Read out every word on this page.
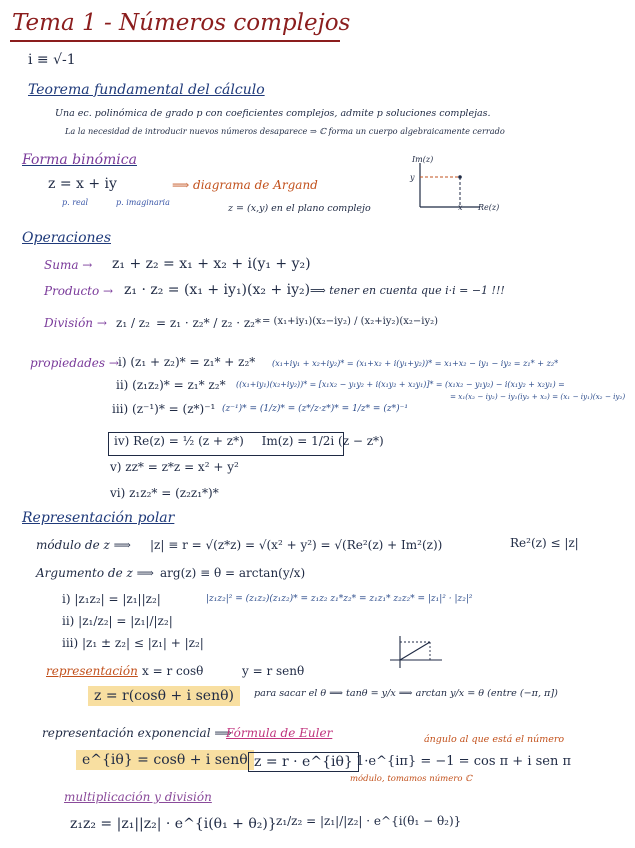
Tema 1 - Números complejos
i ≡ √-1
Teorema fundamental del cálculo
Una ec. polinómica de grado p con coeficientes complejos, admite p soluciones complejas.
La la necesidad de introducir nuevos números desaparece ⇒ ℂ forma un cuerpo algebraicamente cerrado
Forma binómica
z = x + iy
p. real	p. imaginaria
⟹ diagrama de Argand
z = (x,y) en el plano complejo
Im(z)
Re(z)
y
x
Operaciones
Suma → z₁ + z₂ = x₁ + x₂ + i(y₁ + y₂)
Producto → z₁ · z₂ = (x₁ + iy₁)(x₂ + iy₂) ⟹ tener en cuenta que i·i = −1 !!!
División → z₁ / z₂ = z₁ · z₂* / z₂ · z₂* = (x₁+iy₁)(x₂−iy₂) / (x₂+iy₂)(x₂−iy₂)
propiedades → i) (z₁ + z₂)* = z₁* + z₂* (x₁+iy₁ + x₂+iy₂)* = (x₁+x₂ + i(y₁+y₂))* = x₁+x₂ − iy₁ − iy₂ = z₁* + z₂*
ii) (z₁z₂)* = z₁* z₂* ((x₁+iy₁)(x₂+iy₂))* = [x₁x₂ − y₁y₂ + i(x₁y₂ + x₂y₁)]* = (x₁x₂ − y₁y₂) − i(x₁y₂ + x₂y₁) =
iii) (z⁻¹)* = (z*)⁻¹ (z⁻¹)* = (1/z)* = (z*/z·z*)* = 1/z* = (z*)⁻¹
= x₁(x₂ − iy₂) − iy₁(iy₂ + x₂) = (x₁ − iy₁)(x₂ − iy₂)
iv) Re(z) = ½ (z + z*) Im(z) = 1/2i (z − z*)
v) zz* = z*z = x² + y²
vi) z₁z₂* = (z₂z₁*)*
Representación polar
módulo de z ⟹ |z| ≡ r = √(z*z) = √(x² + y²) = √(Re²(z) + Im²(z))	Re²(z) ≤ |z|
Argumento de z ⟹ arg(z) ≡ θ = arctan(y/x)
i) |z₁z₂| = |z₁||z₂|	|z₁z₂|² = (z₁z₂)(z₁z₂)* = z₁z₂ z₁*z₂* = z₁z₁* z₂z₂* = |z₁|² · |z₂|²
ii) |z₁/z₂| = |z₁|/|z₂|
iii) |z₁ ± z₂| ≤ |z₁| + |z₂|
representación x = r cosθ	y = r senθ
z = r(cosθ + i senθ)	para sacar el θ ⟹ tanθ = y/x ⟹ arctan y/x = θ (entre (−π, π])
representación exponencial ⟹
Fórmula de Euler
e^{iθ} = cosθ + i senθ z = r · e^{iθ} 1·e^{iπ} = −1 = cos π + i sen π
ángulo al que está el número
módulo, tomamos número ℂ
multiplicación y división
z₁z₂ = |z₁||z₂| · e^{i(θ₁ + θ₂)} z₁/z₂ = |z₁|/|z₂| · e^{i(θ₁ − θ₂)}
